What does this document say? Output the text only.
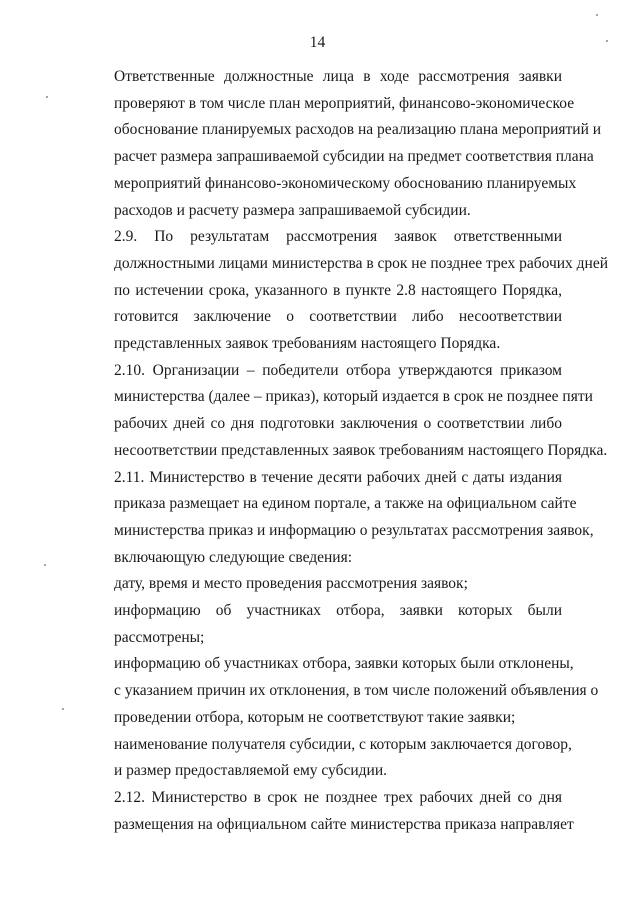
14

Ответственные должностные лица в ходе рассмотрения заявки
проверяют в том числе план мероприятий, финансово-экономическое
обоснование планируемых расходов на реализацию плана мероприятий и
расчет размера запрашиваемой субсидии на предмет соответствия плана
мероприятий финансово-экономическому обоснованию планируемых
расходов и расчету размера запрашиваемой субсидии.

2.9. По результатам рассмотрения заявок ответственными
должностными лицами министерства в срок не позднее трех рабочих дней
по истечении срока, указанного в пункте 2.8 настоящего Порядка,
готовится заключение о соответствии либо несоответствии
представленных заявок требованиям настоящего Порядка.

2.10. Организации – победители отбора утверждаются приказом
министерства (далее – приказ), который издается в срок не позднее пяти
рабочих дней со дня подготовки заключения о соответствии либо
несоответствии представленных заявок требованиям настоящего Порядка.

2.11. Министерство в течение десяти рабочих дней с даты издания
приказа размещает на едином портале, а также на официальном сайте
министерства приказ и информацию о результатах рассмотрения заявок,
включающую следующие сведения:

дату, время и место проведения рассмотрения заявок;

информацию об участниках отбора, заявки которых были
рассмотрены;

информацию об участниках отбора, заявки которых были отклонены,
с указанием причин их отклонения, в том числе положений объявления о
проведении отбора, которым не соответствуют такие заявки;

наименование получателя субсидии, с которым заключается договор,
и размер предоставляемой ему субсидии.

2.12. Министерство в срок не позднее трех рабочих дней со дня
размещения на официальном сайте министерства приказа направляет
